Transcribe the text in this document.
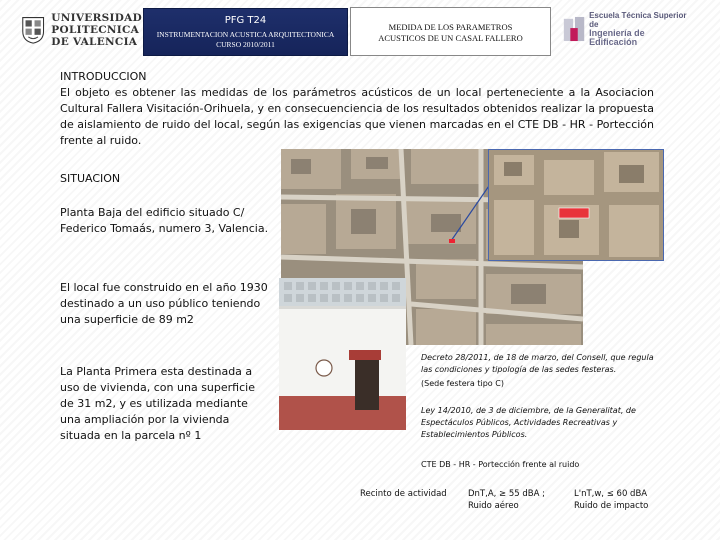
UNIVERSIDAD
POLITECNICA
DE VALENCIA
PFG T24
INSTRUMENTACION ACUSTICA ARQUITECTONICA
CURSO 2010/2011
MEDIDA DE LOS PARAMETROS
ACUSTICOS DE UN CASAL FALLERO
Escuela Técnica Superior de
Ingeniería de Edificación
INTRODUCCION
El objeto es obtener las medidas de los parámetros acústicos de un local perteneciente a la Asociacion Cultural Fallera Visitación-Orihuela, y en consecuenciencia de los resultados obtenidos realizar la propuesta de aislamiento de ruido del local, según las exigencias que vienen marcadas en el CTE DB - HR - Portección frente al ruido.
SITUACION
Planta Baja del edificio situado C/ Federico Tomaás, numero 3, Valencia.
El local fue construido en el año 1930 destinado a un uso público teniendo una superficie de 89 m2
La Planta Primera esta destinada a uso de vivienda, con una superficie de 31 m2, y es utilizada mediante una ampliación por la vivienda situada en la parcela nº 1
Decreto 28/2011, de 18 de marzo, del Consell, que regula las condiciones y tipología de las sedes festeras.
(Sede festera tipo C)
Ley 14/2010, de 3 de diciembre, de la Generalitat, de Espectáculos Públicos, Actividades Recreativas y Establecimientos Públicos.
CTE DB - HR - Portección frente al ruido
Recinto de actividad	DnT,A, ≥ 55 dBA ;
Ruido aéreo
L'nT,w, ≤ 60 dBA
Ruido de impacto
